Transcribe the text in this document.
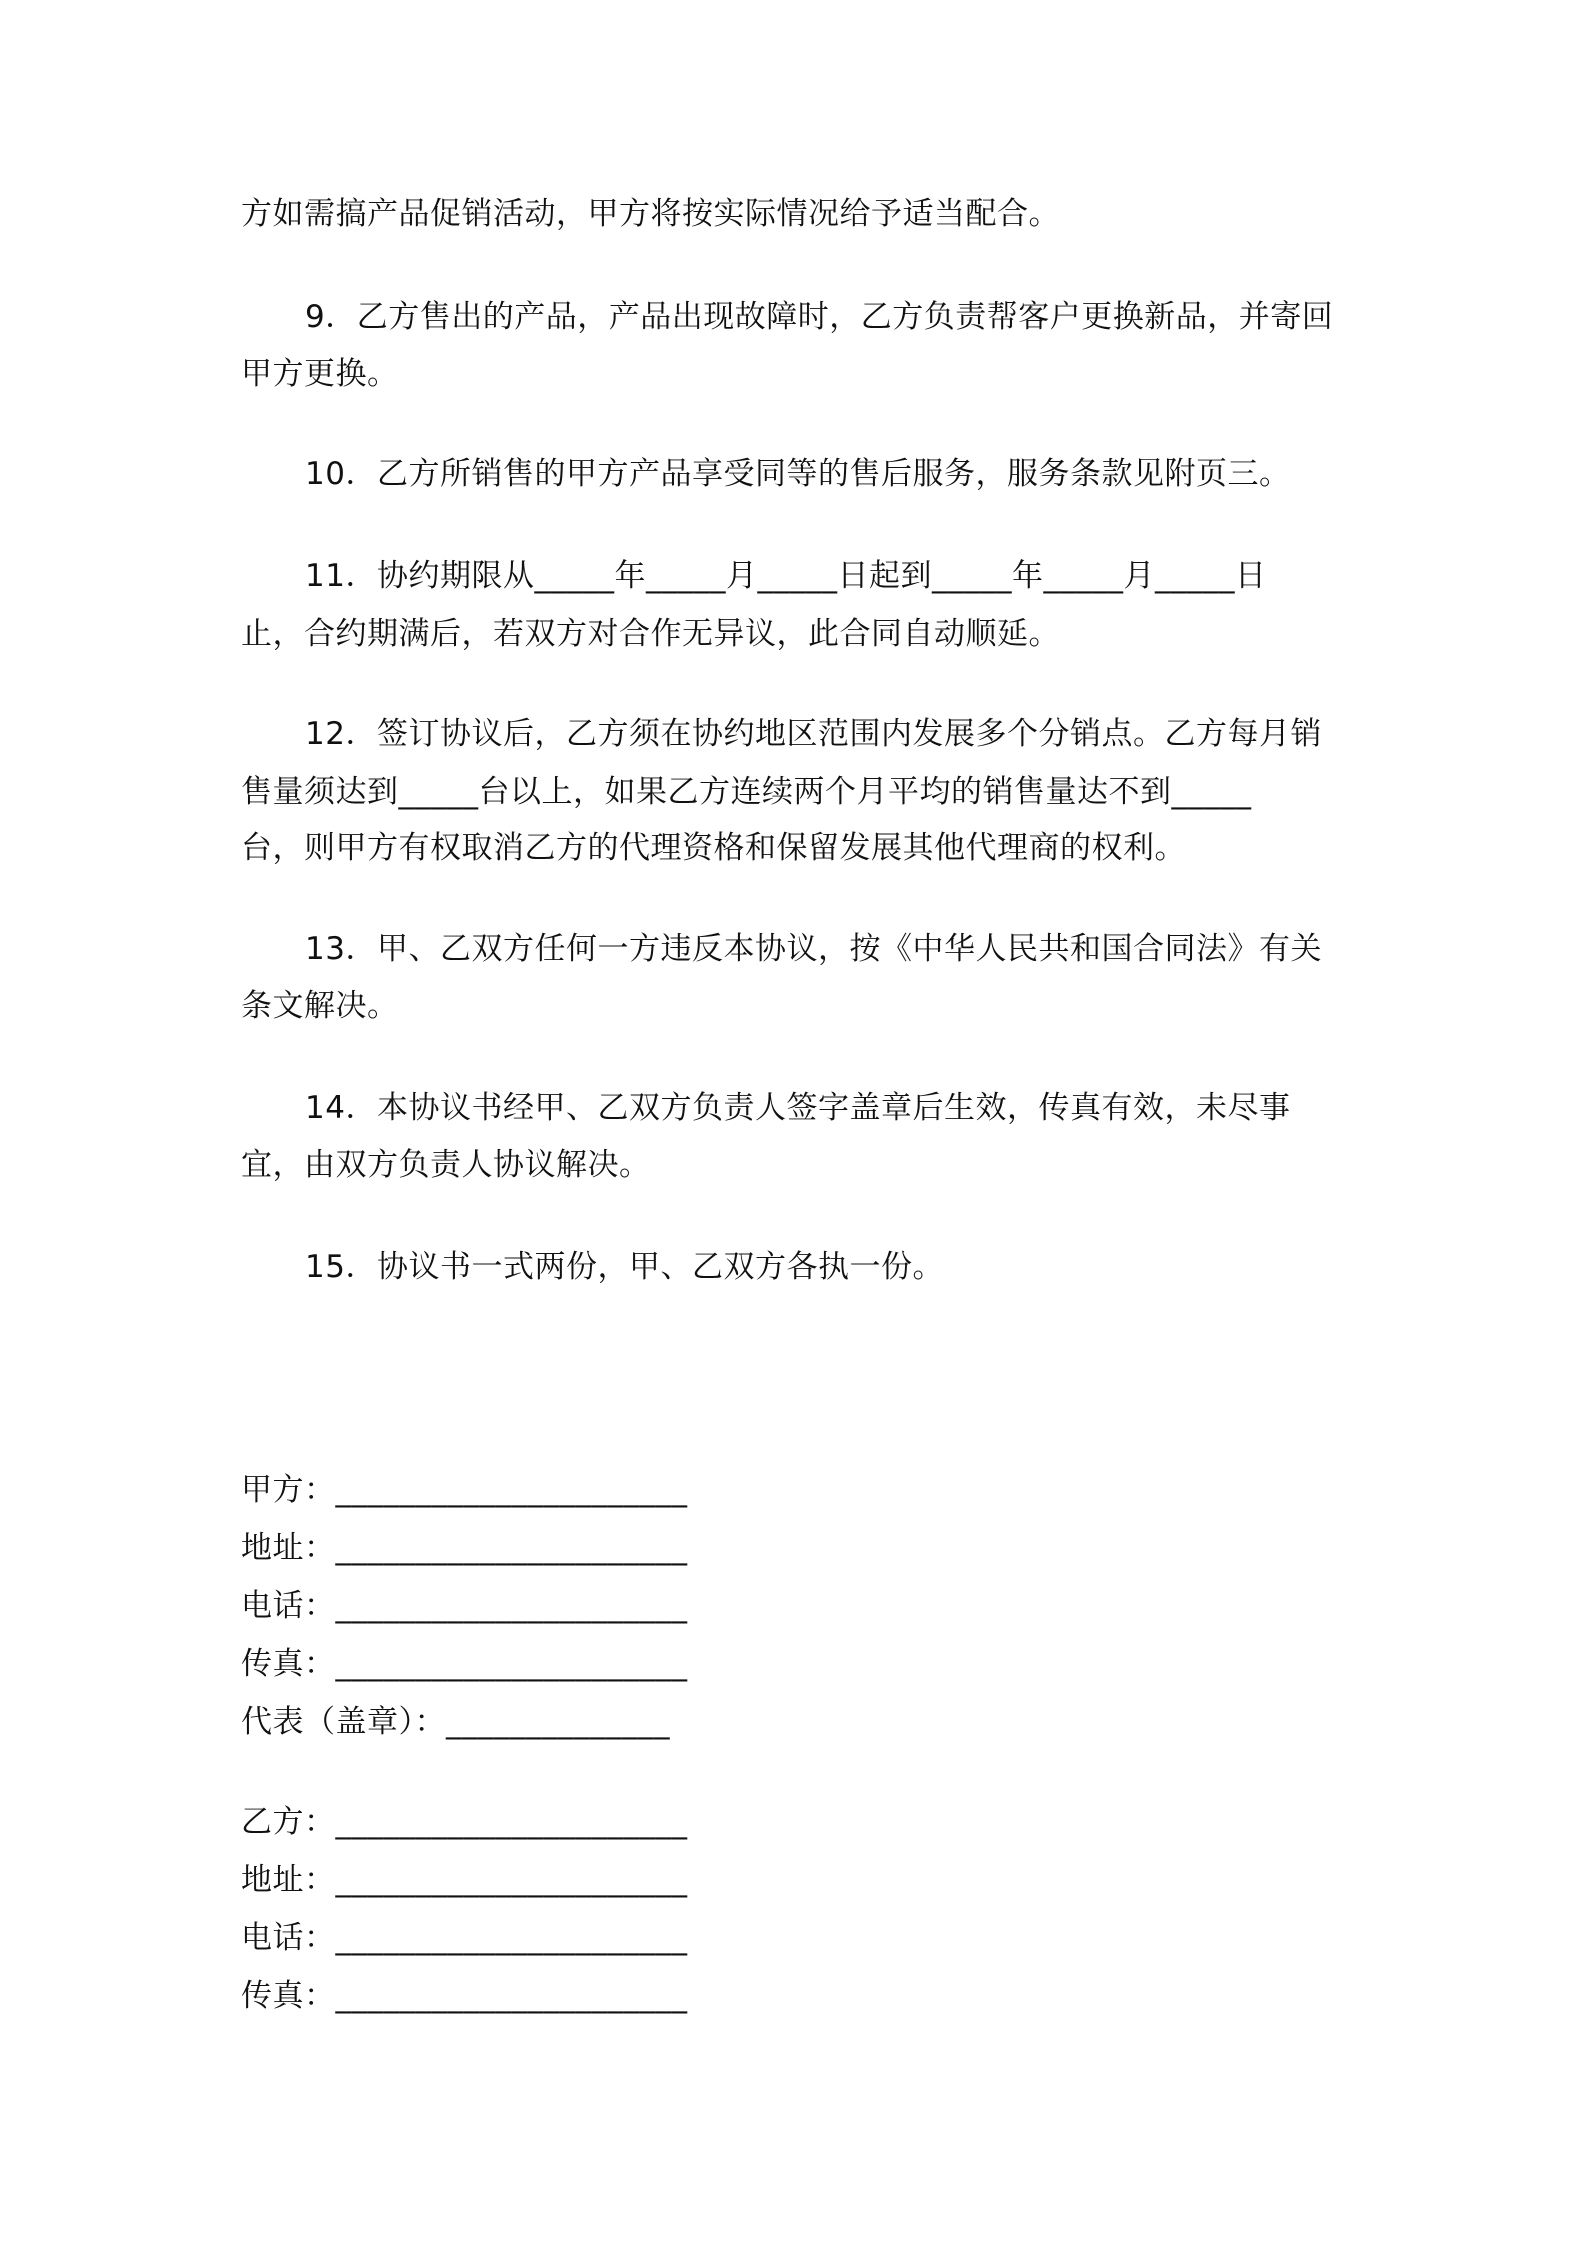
方如需搞产品促销活动，甲方将按实际情况给予适当配合。
9．乙方售出的产品，产品出现故障时，乙方负责帮客户更换新品，并寄回
甲方更换。
10．乙方所销售的甲方产品享受同等的售后服务，服务条款见附页三。
11．协约期限从_____年_____月_____日起到_____年_____月_____日
止，合约期满后，若双方对合作无异议，此合同自动顺延。
12．签订协议后，乙方须在协约地区范围内发展多个分销点。乙方每月销
售量须达到_____台以上，如果乙方连续两个月平均的销售量达不到_____
台，则甲方有权取消乙方的代理资格和保留发展其他代理商的权利。
13．甲、乙双方任何一方违反本协议，按《中华人民共和国合同法》有关
条文解决。
14．本协议书经甲、乙双方负责人签字盖章后生效，传真有效，未尽事
宜，由双方负责人协议解决。
15．协议书一式两份，甲、乙双方各执一份。
甲方：______________________
地址：______________________
电话：______________________
传真：______________________
代表（盖章）：______________
乙方：______________________
地址：______________________
电话：______________________
传真：______________________
